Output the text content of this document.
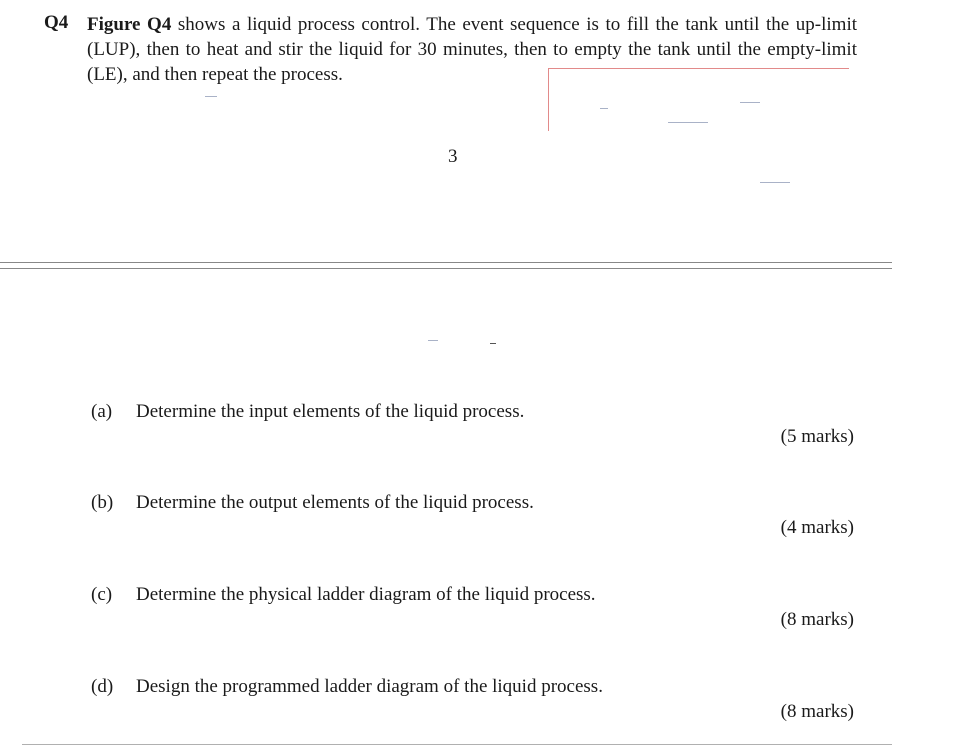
Q4 Figure Q4 shows a liquid process control. The event sequence is to fill the tank until the up-limit (LUP), then to heat and stir the liquid for 30 minutes, then to empty the tank until the empty-limit (LE), and then repeat the process.
3
(a) Determine the input elements of the liquid process.
(5 marks)
(b) Determine the output elements of the liquid process.
(4 marks)
(c) Determine the physical ladder diagram of the liquid process.
(8 marks)
(d) Design the programmed ladder diagram of the liquid process.
(8 marks)
